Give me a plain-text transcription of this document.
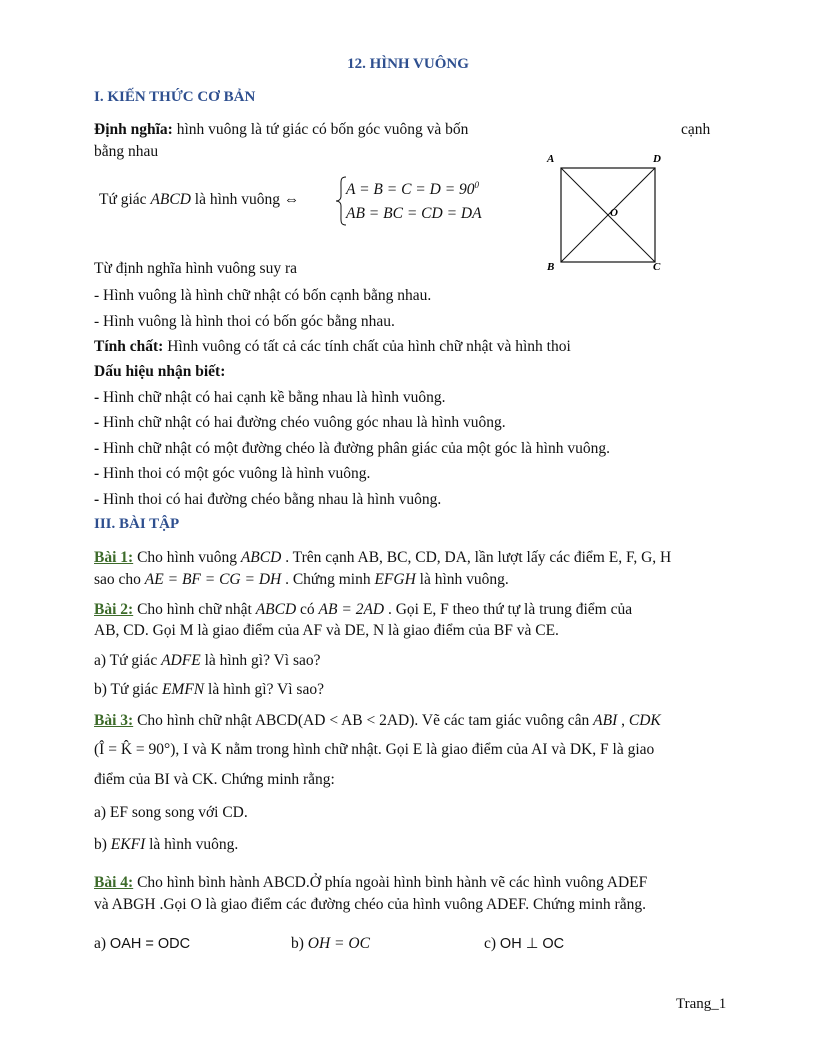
12. HÌNH VUÔNG
I. KIẾN THỨC CƠ BẢN
Định nghĩa: hình vuông là tứ giác có bốn góc vuông và bốn	cạnh
bằng nhau
Tứ giác ABCD là hình vuông ⇔
$A = B = C = D = 90^0$
AB = BC = CD = DA
A	D
B	C
O
Từ định nghĩa hình vuông suy ra
- Hình vuông là hình chữ nhật có bốn cạnh bằng nhau.
- Hình vuông là hình thoi có bốn góc bằng nhau.
Tính chất: Hình vuông có tất cả các tính chất của hình chữ nhật và hình thoi
Dấu hiệu nhận biết:
- Hình chữ nhật có hai cạnh kề bằng nhau là hình vuông.
- Hình chữ nhật có hai đường chéo vuông góc nhau là hình vuông.
- Hình chữ nhật có một đường chéo là đường phân giác của một góc là hình vuông.
- Hình thoi có một góc vuông là hình vuông.
- Hình thoi có hai đường chéo bằng nhau là hình vuông.
III. BÀI TẬP
Bài 1: Cho hình vuông ABCD . Trên cạnh AB, BC, CD, DA, lần lượt lấy các điểm E, F, G, H
sao cho AE = BF = CG = DH . Chứng minh EFGH là hình vuông.
Bài 2: Cho hình chữ nhật ABCD có AB = 2AD . Gọi E, F theo thứ tự là trung điểm của
AB, CD. Gọi M là giao điểm của AF và DE, N là giao điểm của BF và CE.
a) Tứ giác ADFE là hình gì? Vì sao?
b) Tứ giác EMFN là hình gì? Vì sao?
Bài 3: Cho hình chữ nhật ABCD(AD < AB < 2AD). Vẽ các tam giác vuông cân ABI , CDK
(Î = K̂ = 90°), I và K nằm trong hình chữ nhật. Gọi E là giao điểm của AI và DK, F là giao
điểm của BI và CK. Chứng minh rằng:
a) EF song song với CD.
b) EKFI là hình vuông.
Bài 4: Cho hình bình hành ABCD.Ở phía ngoài hình bình hành vẽ các hình vuông ADEF
và ABGH .Gọi O là giao điểm các đường chéo của hình vuông ADEF. Chứng minh rằng.
a) OAH = ODC	b) OH = OC	c) OH ⊥ OC
Trang_1
